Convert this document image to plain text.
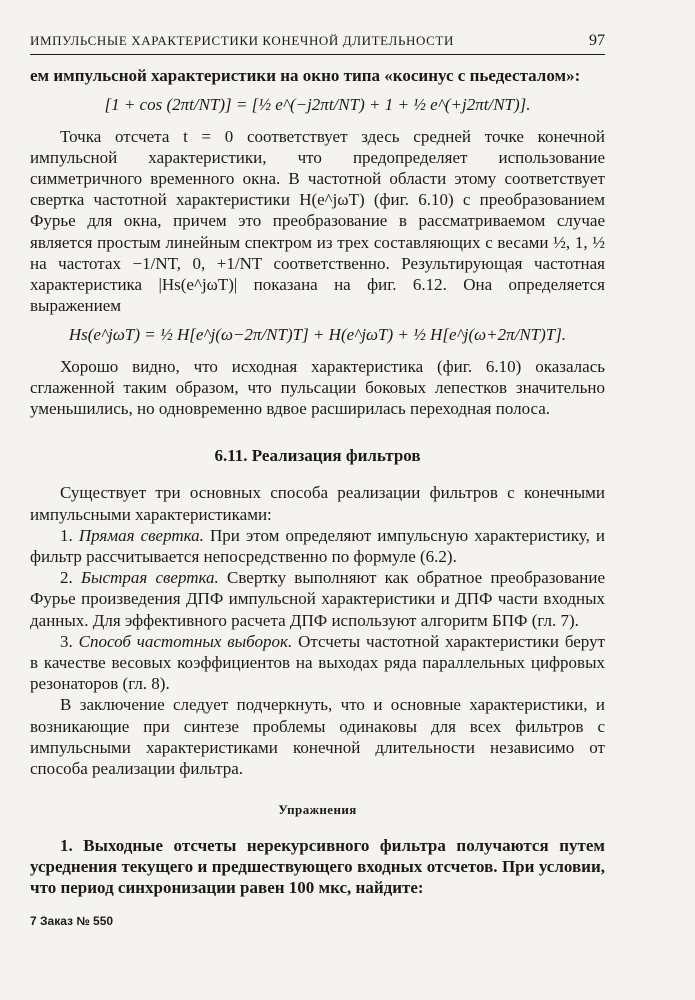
ИМПУЛЬСНЫЕ ХАРАКТЕРИСТИКИ КОНЕЧНОЙ ДЛИТЕЛЬНОСТИ	97

ем импульсной характеристики на окно типа «косинус с пьедесталом»:

[1 + cos (2πt/NT)] = [½ e^(−j2πt/NT) + 1 + ½ e^(+j2πt/NT)].

Точка отсчета t = 0 соответствует здесь средней точке конечной импульсной характеристики, что предопределяет использование симметричного временного окна. В частотной области этому соответствует свертка частотной характеристики H(e^jωT) (фиг. 6.10) с преобразованием Фурье для окна, причем это преобразование в рассматриваемом случае является простым линейным спектром из трех составляющих с весами ½, 1, ½ на частотах −1/NT, 0, +1/NT соответственно. Результирующая частотная характеристика |Hs(e^jωT)| показана на фиг. 6.12. Она определяется выражением

Hs(e^jωT) = ½ H[e^j(ω−2π/NT)T] + H(e^jωT) + ½ H[e^j(ω+2π/NT)T].

Хорошо видно, что исходная характеристика (фиг. 6.10) оказалась сглаженной таким образом, что пульсации боковых лепестков значительно уменьшились, но одновременно вдвое расширилась переходная полоса.

6.11. Реализация фильтров

Существует три основных способа реализации фильтров с конечными импульсными характеристиками:

1. Прямая свертка. При этом определяют импульсную характеристику, и фильтр рассчитывается непосредственно по формуле (6.2).

2. Быстрая свертка. Свертку выполняют как обратное преобразование Фурье произведения ДПФ импульсной характеристики и ДПФ части входных данных. Для эффективного расчета ДПФ используют алгоритм БПФ (гл. 7).

3. Способ частотных выборок. Отсчеты частотной характеристики берут в качестве весовых коэффициентов на выходах ряда параллельных цифровых резонаторов (гл. 8).

В заключение следует подчеркнуть, что и основные характеристики, и возникающие при синтезе проблемы одинаковы для всех фильтров с импульсными характеристиками конечной длительности независимо от способа реализации фильтра.

Упражнения

1. Выходные отсчеты нерекурсивного фильтра получаются путем усреднения текущего и предшествующего входных отсчетов. При условии, что период синхронизации равен 100 мкс, найдите:

7 Заказ № 550
